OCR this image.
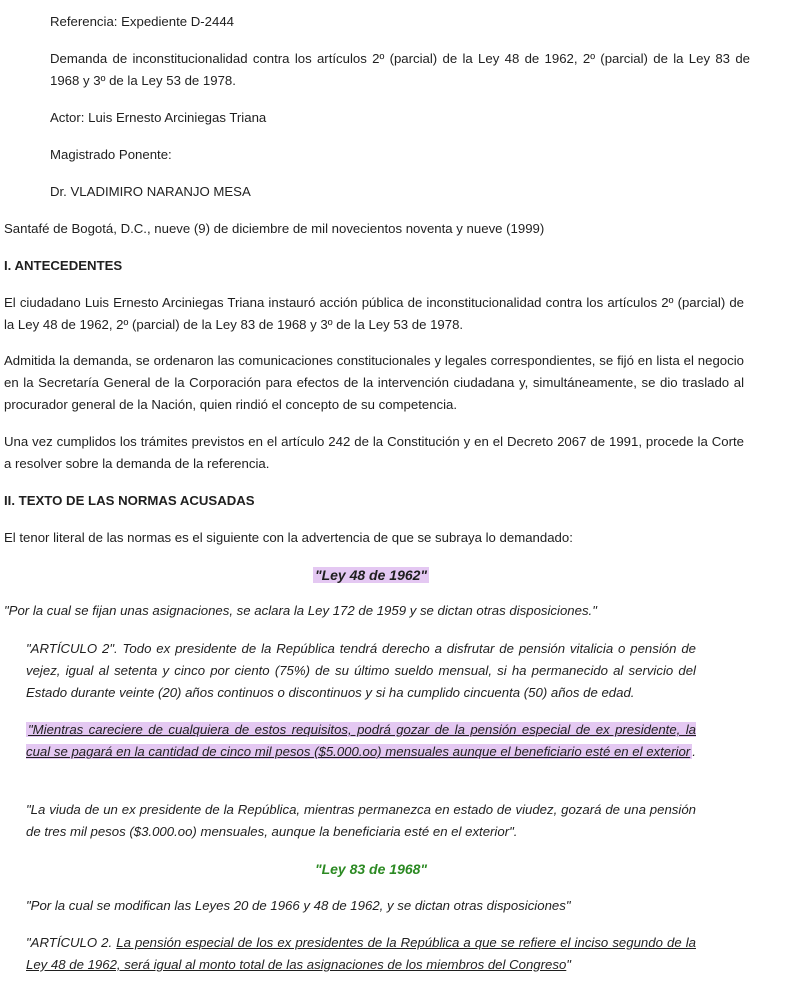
Referencia: Expediente D-2444

Demanda de inconstitucionalidad contra los artículos 2º (parcial) de la Ley 48 de 1962, 2º (parcial) de la Ley 83 de 1968 y 3º de la Ley 53 de 1978.

Actor: Luis Ernesto Arciniegas Triana

Magistrado Ponente:

Dr. VLADIMIRO NARANJO MESA

Santafé de Bogotá, D.C., nueve (9) de diciembre de mil novecientos noventa y nueve (1999)

I. ANTECEDENTES

El ciudadano Luis Ernesto Arciniegas Triana instauró acción pública de inconstitucionalidad contra los artículos 2º (parcial) de la Ley 48 de 1962, 2º (parcial) de la Ley 83 de 1968 y 3º de la Ley 53 de 1978.

Admitida la demanda, se ordenaron las comunicaciones constitucionales y legales correspondientes, se fijó en lista el negocio en la Secretaría General de la Corporación para efectos de la intervención ciudadana y, simultáneamente, se dio traslado al procurador general de la Nación, quien rindió el concepto de su competencia.

Una vez cumplidos los trámites previstos en el artículo 242 de la Constitución y en el Decreto 2067 de 1991, procede la Corte a resolver sobre la demanda de la referencia.

II. TEXTO DE LAS NORMAS ACUSADAS

El tenor literal de las normas es el siguiente con la advertencia de que se subraya lo demandado:

"Ley 48 de 1962"

"Por la cual se fijan unas asignaciones, se aclara la Ley 172 de 1959 y se dictan otras disposiciones."

"ARTÍCULO 2". Todo ex presidente de la República tendrá derecho a disfrutar de pensión vitalicia o pensión de vejez, igual al setenta y cinco por ciento (75%) de su último sueldo mensual, si ha permanecido al servicio del Estado durante veinte (20) años continuos o discontinuos y si ha cumplido cincuenta (50) años de edad.

"Mientras careciere de cualquiera de estos requisitos, podrá gozar de la pensión especial de ex presidente, la cual se pagará en la cantidad de cinco mil pesos ($5.000.oo) mensuales aunque el beneficiario esté en el exterior .

"La viuda de un ex presidente de la República, mientras permanezca en estado de viudez, gozará de una pensión de tres mil pesos ($3.000.oo) mensuales, aunque la beneficiaria esté en el exterior".

"Ley 83 de 1968"

"Por la cual se modifican las Leyes 20 de 1966 y 48 de 1962, y se dictan otras disposiciones"

"ARTÍCULO 2. La pensión especial de los ex presidentes de la República a que se refiere el inciso segundo de la Ley 48 de 1962, será igual al monto total de las asignaciones de los miembros del Congreso"
